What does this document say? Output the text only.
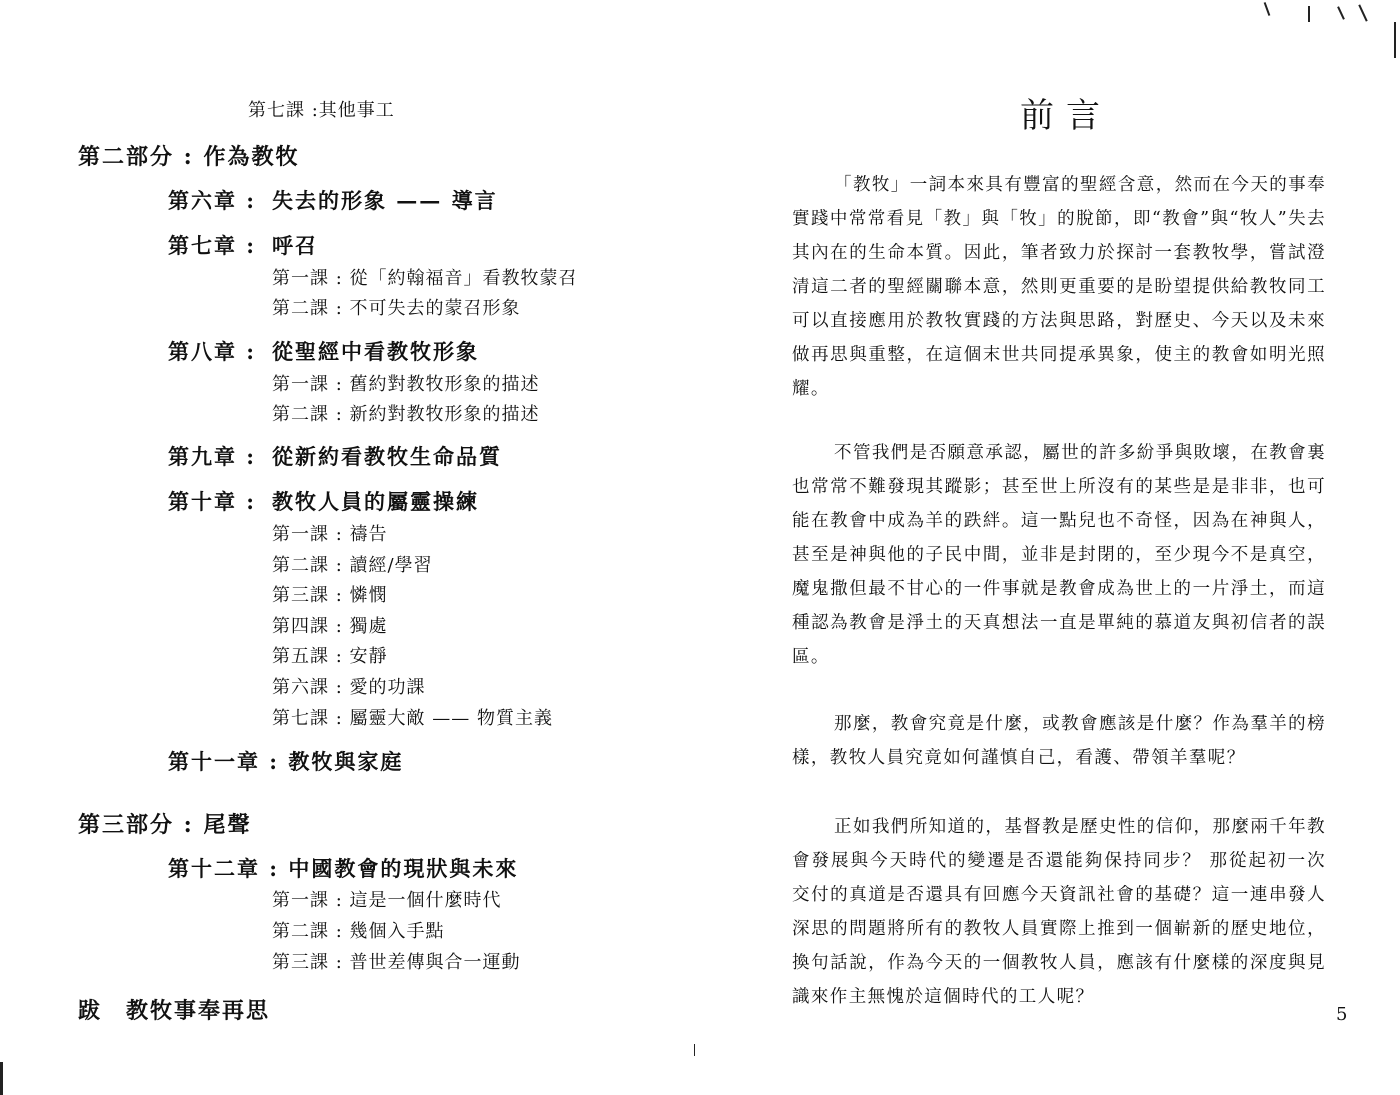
第七課 :其他事工
第二部分 : 作為教牧
第六章 : 失去的形象 —— 導言
第七章 : 呼召
第一課 : 從「約翰福音」看教牧蒙召
第二課 : 不可失去的蒙召形象
第八章 : 從聖經中看教牧形象
第一課 : 舊約對教牧形象的描述
第二課 : 新約對教牧形象的描述
第九章 : 從新約看教牧生命品質
第十章 : 教牧人員的屬靈操練
第一課 : 禱告
第二課 : 讀經/學習
第三課 : 憐憫
第四課 : 獨處
第五課 : 安靜
第六課 : 愛的功課
第七課 : 屬靈大敵 —— 物質主義
第十一章 : 教牧與家庭
第三部分 : 尾聲
第十二章 : 中國教會的現狀與未來
第一課 : 這是一個什麼時代
第二課 : 幾個入手點
第三課 : 普世差傳與合一運動
跋　教牧事奉再思
前言

「教牧」一詞本來具有豐富的聖經含意，然而在今天的事奉實踐中常常看見「教」與「牧」的脫節，即“教會”與“牧人”失去其內在的生命本質。因此，筆者致力於探討一套教牧學，嘗試澄清這二者的聖經關聯本意，然則更重要的是盼望提供給教牧同工可以直接應用於教牧實踐的方法與思路，對歷史、今天以及未來做再思與重整，在這個末世共同提承異象，使主的教會如明光照耀。

不管我們是否願意承認，屬世的許多紛爭與敗壞，在教會裏也常常不難發現其蹤影；甚至世上所沒有的某些是是非非，也可能在教會中成為羊的跌絆。這一點兒也不奇怪，因為在神與人，甚至是神與他的子民中間，並非是封閉的，至少現今不是真空，魔鬼撒但最不甘心的一件事就是教會成為世上的一片淨土，而這種認為教會是淨土的天真想法一直是單純的慕道友與初信者的誤區。

那麼，教會究竟是什麼，或教會應該是什麼？作為羣羊的榜樣，教牧人員究竟如何謹慎自己，看護、帶領羊羣呢？

正如我們所知道的，基督教是歷史性的信仰，那麼兩千年教會發展與今天時代的變遷是否還能夠保持同步？ 那從起初一次交付的真道是否還具有回應今天資訊社會的基礎？這一連串發人深思的問題將所有的教牧人員實際上推到一個嶄新的歷史地位，換句話說，作為今天的一個教牧人員，應該有什麼樣的深度與見識來作主無愧於這個時代的工人呢？

5
